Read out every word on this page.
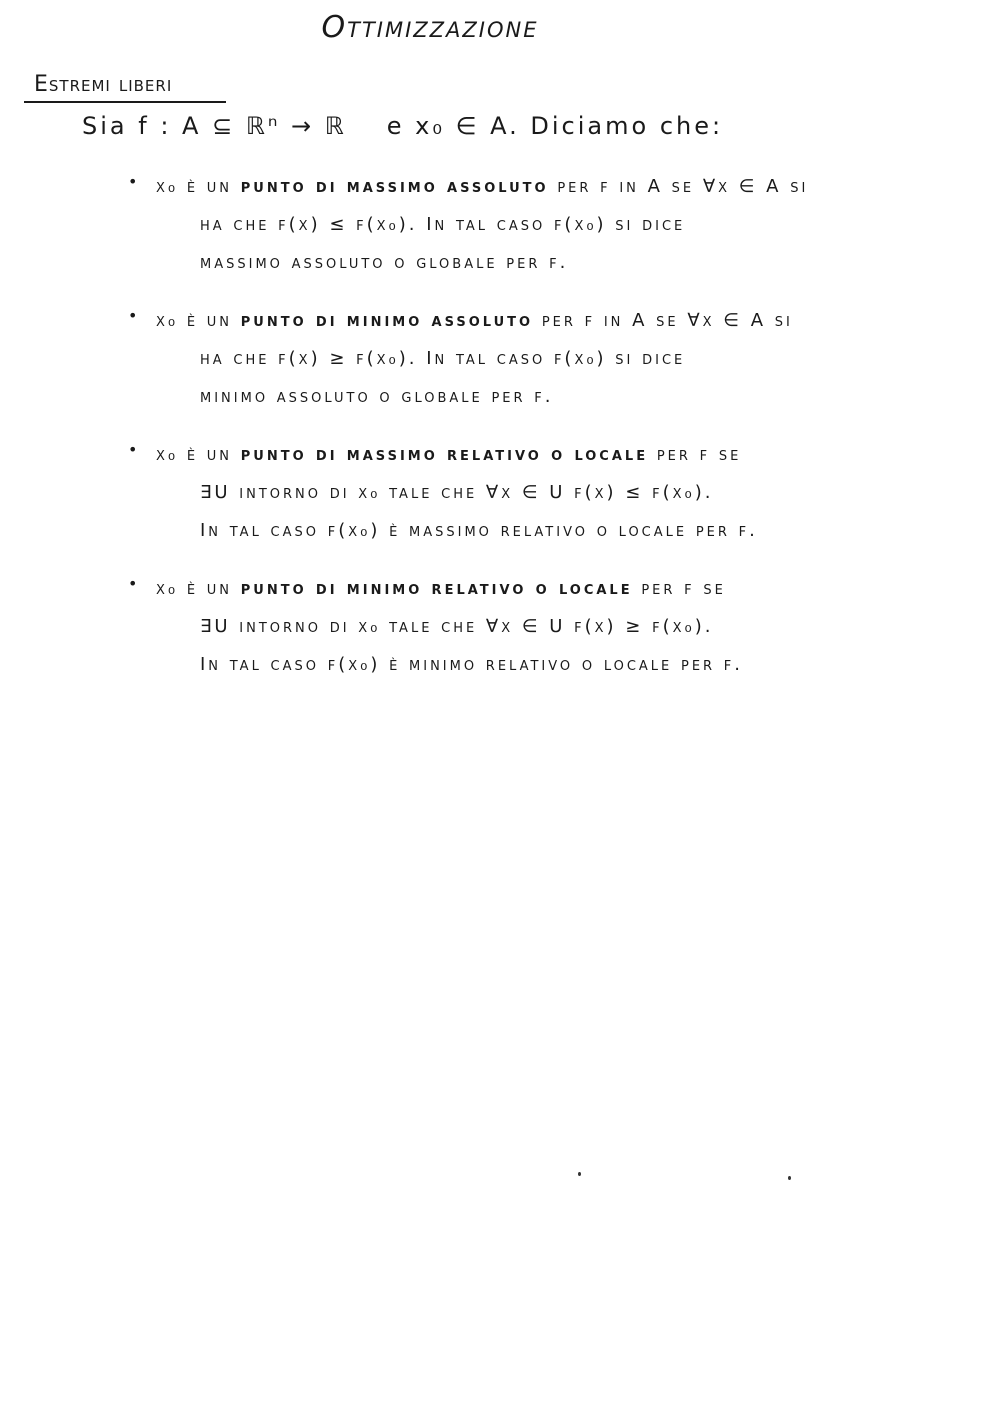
Ottimizzazione
Estremi liberi
Sia f : A ⊆ ℝⁿ → ℝ e x₀ ∈ A. Diciamo che:
•	x₀ è un punto di massimo assoluto per f in A se ∀x ∈ A si
ha che f(x) ≤ f(x₀). In tal caso f(x₀) si dice
massimo assoluto o globale per f.
•	x₀ è un punto di minimo assoluto per f in A se ∀x ∈ A si
ha che f(x) ≥ f(x₀). In tal caso f(x₀) si dice
minimo assoluto o globale per f.
•	x₀ è un punto di massimo relativo o locale per f se
∃U intorno di x₀ tale che ∀x ∈ U f(x) ≤ f(x₀).
In tal caso f(x₀) è massimo relativo o locale per f.
•	x₀ è un punto di minimo relativo o locale per f se
∃U intorno di x₀ tale che ∀x ∈ U f(x) ≥ f(x₀).
In tal caso f(x₀) è minimo relativo o locale per f.
